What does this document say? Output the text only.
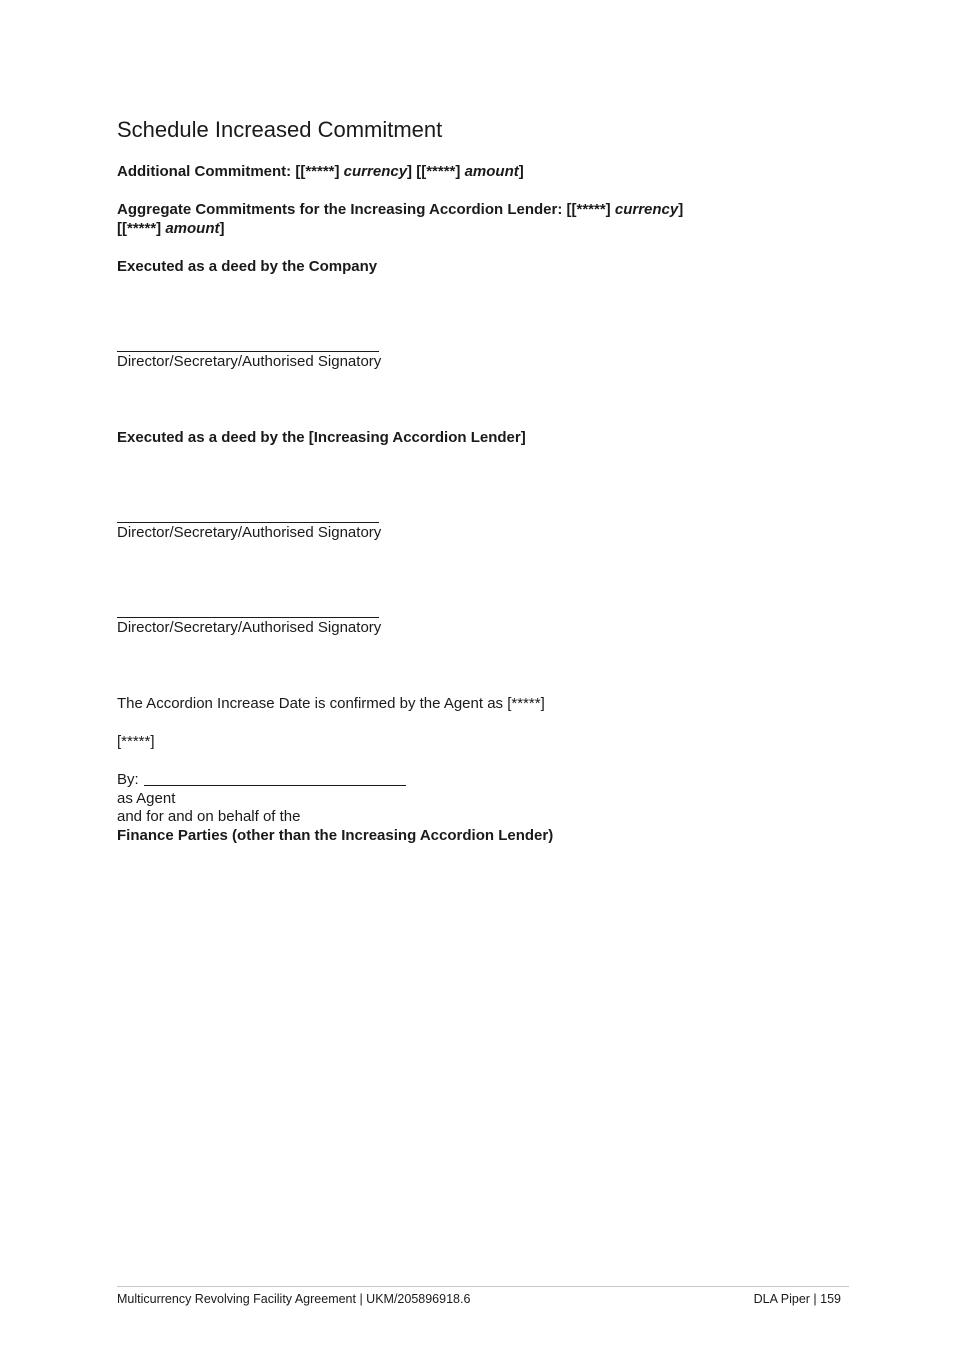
Schedule Increased Commitment
Additional Commitment: [[*****] currency] [[*****] amount]
Aggregate Commitments for the Increasing Accordion Lender: [[*****] currency]
[[*****] amount]
Executed as a deed by the Company
Director/Secretary/Authorised Signatory
Executed as a deed by the [Increasing Accordion Lender]
Director/Secretary/Authorised Signatory
Director/Secretary/Authorised Signatory
The Accordion Increase Date is confirmed by the Agent as [*****]
[*****]
By:
as Agent
and for and on behalf of the
Finance Parties (other than the Increasing Accordion Lender)
Multicurrency Revolving Facility Agreement | UKM/205896918.6	DLA Piper | 159
